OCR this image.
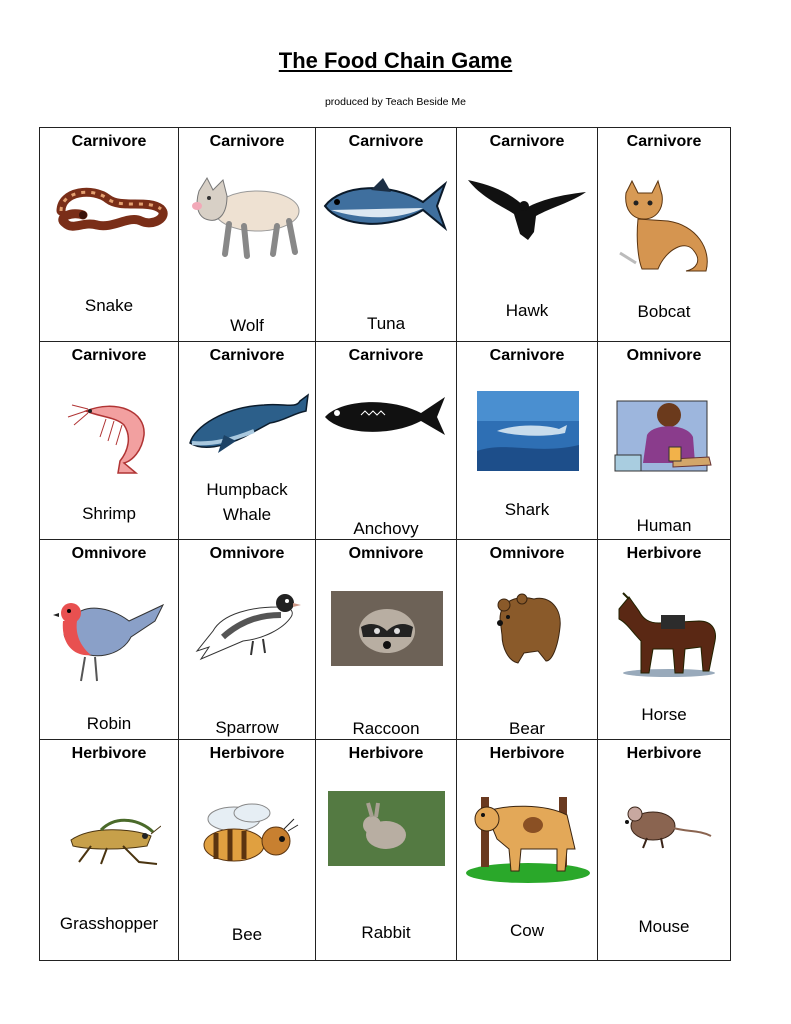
The Food Chain Game
produced by Teach Beside Me
Carnivore
Snake
Carnivore
Wolf
Carnivore
Tuna
Carnivore
Hawk
Carnivore
Bobcat
Carnivore
Shrimp
Carnivore
Humpback
Whale
Carnivore
Anchovy
Carnivore
Shark
Omnivore
Human
Omnivore
Robin
Omnivore
Sparrow
Omnivore
Raccoon
Omnivore
Bear
Herbivore
Horse
Herbivore
Grasshopper
Herbivore
Bee
Herbivore
Rabbit
Herbivore
Cow
Herbivore
Mouse
